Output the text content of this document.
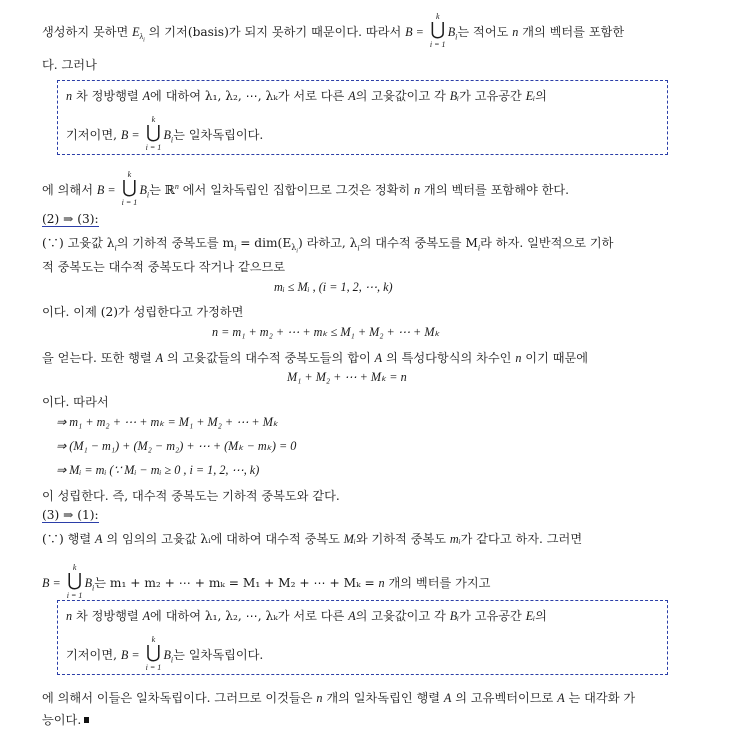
생성하지 못하면 $E_{\lambda_i}$ 의 기저(basis)가 되지 못하기 때문이다. 따라서 B =
k
⋃
i = 1
$B_i$는 적어도 n 개의 벡터를 포함한
다. 그러나
n 차 정방행렬 A에 대하여 λ₁, λ₂, ⋯, λₖ가 서로 다른 A의 고윳값이고 각 Bᵢ가 고유공간 Eᵢ의
기저이면, B =
k
⋃
i = 1
$B_i$는 일차독립이다.
에 의해서 B =
k
⋃
i = 1
$B_i$는 ℝ$^n$ 에서 일차독립인 집합이므로 그것은 정확히 n 개의 벡터를 포함해야 한다.
(2) ⇒ (3):
(∵) 고윳값 $\lambda_i$의 기하적 중복도를 $m_i = dim(E_{\lambda_i})$ 라하고, $\lambda_i$의 대수적 중복도를 $M_i$라 하자. 일반적으로 기하
적 중복도는 대수적 중복도다 작거나 같으므로
mᵢ ≤ Mᵢ , (i = 1, 2, ⋯, k)
이다. 이제 (2)가 성립한다고 가정하면
n = m₁ + m₂ + ⋯ + mₖ ≤ M₁ + M₂ + ⋯ + Mₖ
을 얻는다. 또한 행렬 A 의 고윳값들의 대수적 중복도들의 합이 A 의 특성다항식의 차수인 n 이기 때문에
M₁ + M₂ + ⋯ + Mₖ = n
이다. 따라서
⇒ m₁ + m₂ + ⋯ + mₖ = M₁ + M₂ + ⋯ + Mₖ
⇒ (M₁ − m₁) + (M₂ − m₂) + ⋯ + (Mₖ − mₖ) = 0
⇒ Mᵢ = mᵢ (∵ Mᵢ − mᵢ ≥ 0 , i = 1, 2, ⋯, k)
이 성립한다. 즉, 대수적 중복도는 기하적 중복도와 같다.
(3) ⇒ (1):
(∵) 행렬 A 의 임의의 고윳값 λᵢ에 대하여 대수적 중복도 Mᵢ와 기하적 중복도 mᵢ가 같다고 하자. 그러면
B =
k
⋃
i = 1
$B_i$는 m₁ + m₂ + ⋯ + mₖ = M₁ + M₂ + ⋯ + Mₖ = n 개의 벡터를 가지고
n 차 정방행렬 A에 대하여 λ₁, λ₂, ⋯, λₖ가 서로 다른 A의 고윳값이고 각 Bᵢ가 고유공간 Eᵢ의
기저이면, B =
k
⋃
i = 1
$B_i$는 일차독립이다.
에 의해서 이들은 일차독립이다. 그러므로 이것들은 n 개의 일차독립인 행렬 A 의 고유벡터이므로 A 는 대각화 가
능이다.
